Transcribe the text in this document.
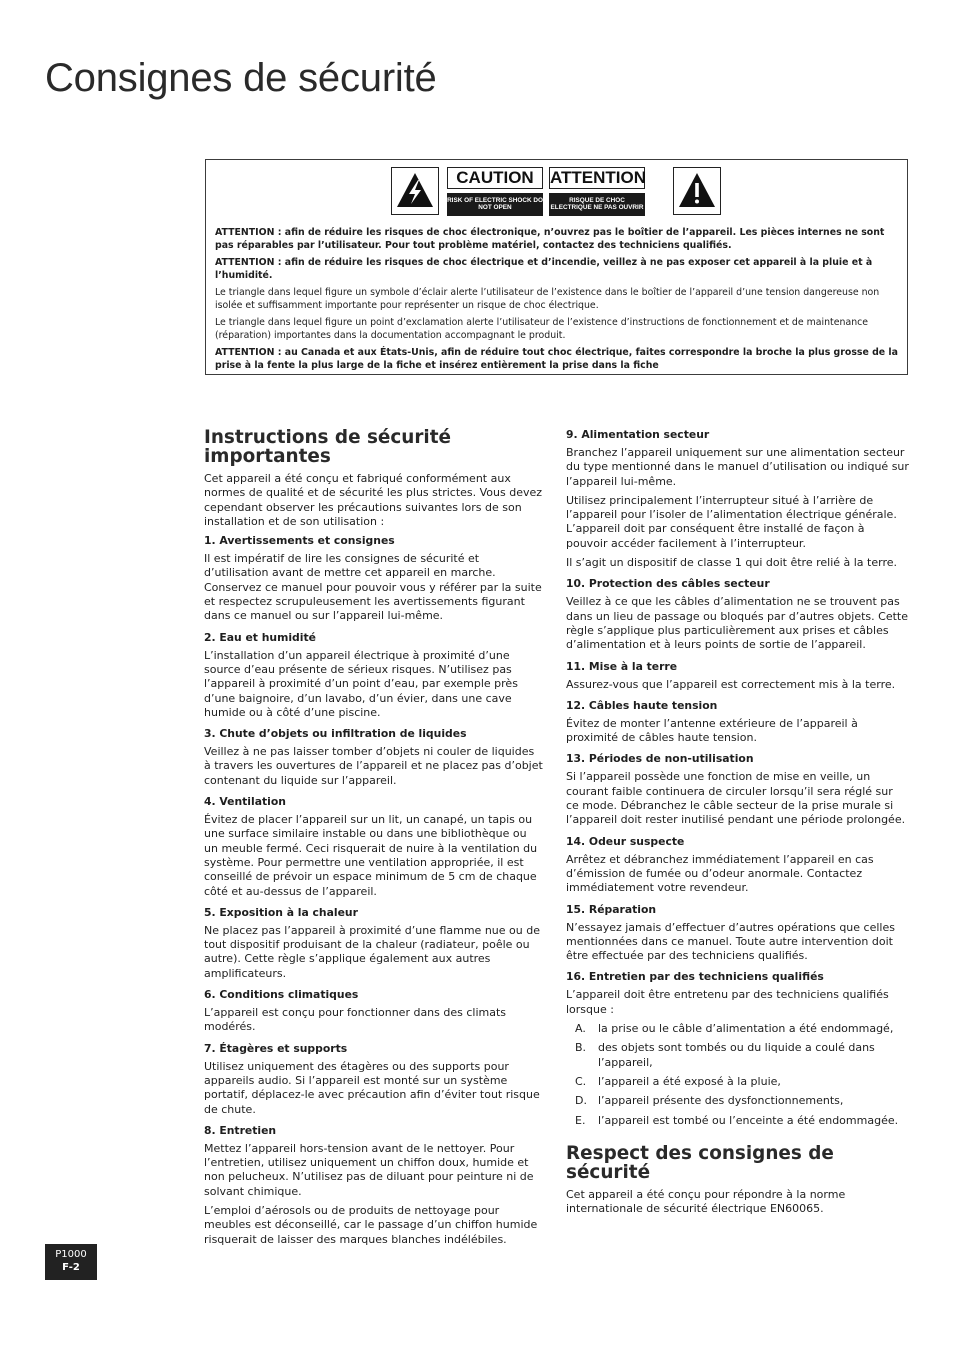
Consignes de sécurité
CAUTION
RISK OF ELECTRIC SHOCK DO NOT OPEN
ATTENTION
RISQUE DE CHOC ELECTRIQUE NE PAS OUVRIR

ATTENTION : afin de réduire les risques de choc électronique, n’ouvrez pas le boîtier de l’appareil. Les pièces internes ne sont pas réparables par l’utilisateur. Pour tout problème matériel, contactez des techniciens qualifiés.

ATTENTION : afin de réduire les risques de choc électrique et d’incendie, veillez à ne pas exposer cet appareil à la pluie et à l’humidité.

Le triangle dans lequel figure un symbole d’éclair alerte l’utilisateur de l’existence dans le boîtier de l’appareil d’une tension dangereuse non isolée et suffisamment importante pour représenter un risque de choc électrique.

Le triangle dans lequel figure un point d’exclamation alerte l’utilisateur de l’existence d’instructions de fonctionnement et de maintenance (réparation) importantes dans la documentation accompagnant le produit.

ATTENTION : au Canada et aux États-Unis, afin de réduire tout choc électrique, faites correspondre la broche la plus grosse de la prise à la fente la plus large de la fiche et insérez entièrement la prise dans la fiche

Instructions de sécurité importantes

Cet appareil a été conçu et fabriqué conformément aux normes de qualité et de sécurité les plus strictes. Vous devez cependant observer les précautions suivantes lors de son installation et de son utilisation :

1. Avertissements et consignes

Il est impératif de lire les consignes de sécurité et d’utilisation avant de mettre cet appareil en marche. Conservez ce manuel pour pouvoir vous y référer par la suite et respectez scrupuleusement les avertissements figurant dans ce manuel ou sur l’appareil lui-même.

2. Eau et humidité

L’installation d’un appareil électrique à proximité d’une source d’eau présente de sérieux risques. N’utilisez pas l’appareil à proximité d’un point d’eau, par exemple près d’une baignoire, d’un lavabo, d’un évier, dans une cave humide ou à côté d’une piscine.

3. Chute d’objets ou infiltration de liquides

Veillez à ne pas laisser tomber d’objets ni couler de liquides à travers les ouvertures de l’appareil et ne placez pas d’objet contenant du liquide sur l’appareil.

4. Ventilation

Évitez de placer l’appareil sur un lit, un canapé, un tapis ou une surface similaire instable ou dans une bibliothèque ou un meuble fermé. Ceci risquerait de nuire à la ventilation du système. Pour permettre une ventilation appropriée, il est conseillé de prévoir un espace minimum de 5 cm de chaque côté et au-dessus de l’appareil.

5. Exposition à la chaleur

Ne placez pas l’appareil à proximité d’une flamme nue ou de tout dispositif produisant de la chaleur (radiateur, poêle ou autre). Cette règle s’applique également aux autres amplificateurs.

6. Conditions climatiques

L’appareil est conçu pour fonctionner dans des climats modérés.

7. Étagères et supports

Utilisez uniquement des étagères ou des supports pour appareils audio. Si l’appareil est monté sur un système portatif, déplacez-le avec précaution afin d’éviter tout risque de chute.

8. Entretien

Mettez l’appareil hors-tension avant de le nettoyer. Pour l’entretien, utilisez uniquement un chiffon doux, humide et non pelucheux. N’utilisez pas de diluant pour peinture ni de solvant chimique.

L’emploi d’aérosols ou de produits de nettoyage pour meubles est déconseillé, car le passage d’un chiffon humide risquerait de laisser des marques blanches indélébiles.

9. Alimentation secteur

Branchez l’appareil uniquement sur une alimentation secteur du type mentionné dans le manuel d’utilisation ou indiqué sur l’appareil lui-même.

Utilisez principalement l’interrupteur situé à l’arrière de l’appareil pour l’isoler de l’alimentation électrique générale. L’appareil doit par conséquent être installé de façon à pouvoir accéder facilement à l’interrupteur.

Il s’agit un dispositif de classe 1 qui doit être relié à la terre.

10. Protection des câbles secteur

Veillez à ce que les câbles d’alimentation ne se trouvent pas dans un lieu de passage ou bloqués par d’autres objets. Cette règle s’applique plus particulièrement aux prises et câbles d’alimentation et à leurs points de sortie de l’appareil.

11. Mise à la terre

Assurez-vous que l’appareil est correctement mis à la terre.

12. Câbles haute tension

Évitez de monter l’antenne extérieure de l’appareil à proximité de câbles haute tension.

13. Périodes de non-utilisation

Si l’appareil possède une fonction de mise en veille, un courant faible continuera de circuler lorsqu’il sera réglé sur ce mode. Débranchez le câble secteur de la prise murale si l’appareil doit rester inutilisé pendant une période prolongée.

14. Odeur suspecte

Arrêtez et débranchez immédiatement l’appareil en cas d’émission de fumée ou d’odeur anormale. Contactez immédiatement votre revendeur.

15. Réparation

N’essayez jamais d’effectuer d’autres opérations que celles mentionnées dans ce manuel. Toute autre intervention doit être effectuée par des techniciens qualifiés.

16. Entretien par des techniciens qualifiés

L’appareil doit être entretenu par des techniciens qualifiés lorsque :

A.	la prise ou le câble d’alimentation a été endommagé,
B.	des objets sont tombés ou du liquide a coulé dans l’appareil,
C.	l’appareil a été exposé à la pluie,
D.	l’appareil présente des dysfonctionnements,
E.	l’appareil est tombé ou l’enceinte a été endommagée.
Respect des consignes de sécurité

Cet appareil a été conçu pour répondre à la norme internationale de sécurité électrique EN60065.

P1000
F-2
